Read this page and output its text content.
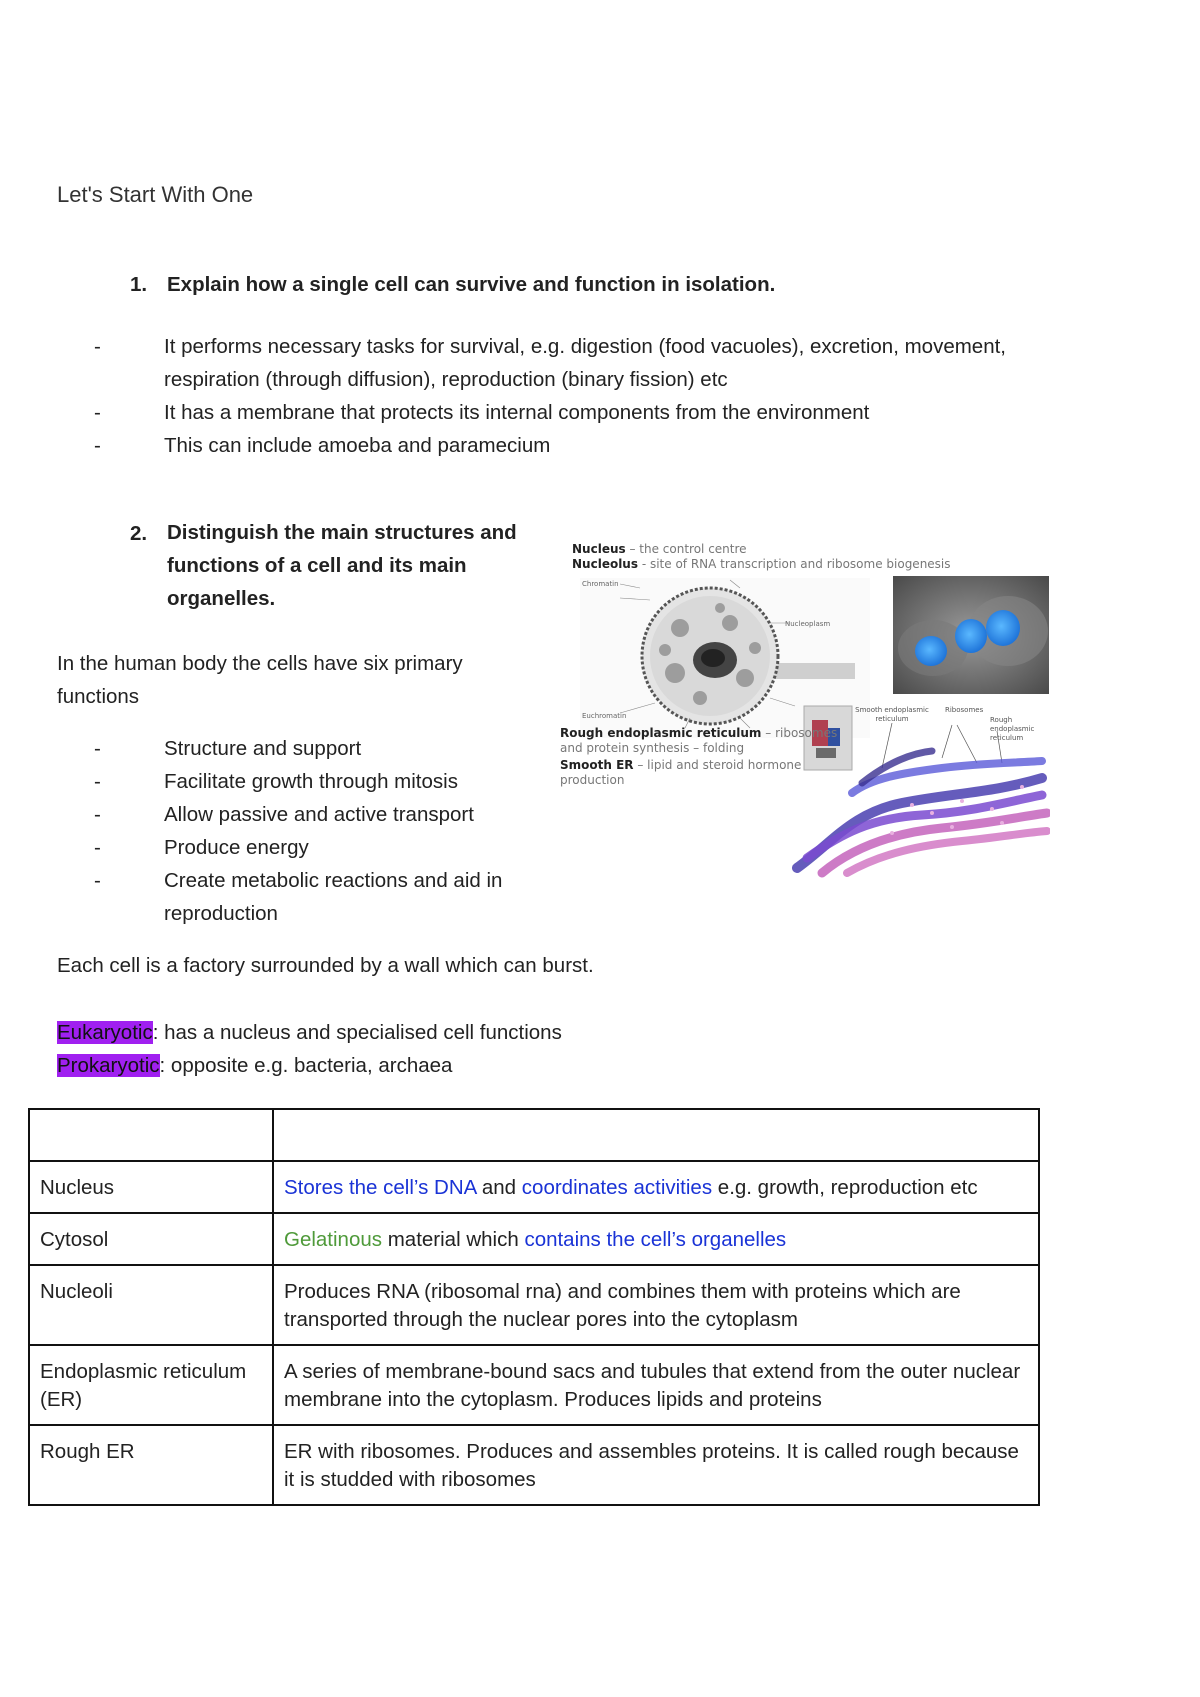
Let's Start With One
1. Explain how a single cell can survive and function in isolation.
-	It performs necessary tasks for survival, e.g. digestion (food vacuoles), excretion, movement, respiration (through diffusion), reproduction (binary fission) etc
-	It has a membrane that protects its internal components from the environment
-	This can include amoeba and paramecium
2. Distinguish the main structures and functions of a cell and its main organelles.
In the human body the cells have six primary functions
-	Structure and support
-	Facilitate growth through mitosis
-	Allow passive and active transport
-	Produce energy
-	Create metabolic reactions and aid in reproduction
Nucleus – the control centre
Nucleolus - site of RNA transcription and ribosome biogenesis
Chromatin
Euchromatin
Nucleoplasm
Smooth endoplasmic reticulum
Ribosomes
Rough endoplasmic reticulum
Rough endoplasmic reticulum – ribosomes
and protein synthesis – folding
Smooth ER – lipid and steroid hormone
production
Each cell is a factory surrounded by a wall which can burst.
Eukaryotic: has a nucleus and specialised cell functions
Prokaryotic: opposite e.g. bacteria, archaea

Nucleus	Stores the cell’s DNA and coordinates activities e.g. growth, reproduction etc
Cytosol	Gelatinous material which contains the cell’s organelles
Nucleoli	Produces RNA (ribosomal rna) and combines them with proteins which are transported through the nuclear pores into the cytoplasm
Endoplasmic reticulum (ER)	A series of membrane-bound sacs and tubules that extend from the outer nuclear membrane into the cytoplasm. Produces lipids and proteins
Rough ER	ER with ribosomes. Produces and assembles proteins. It is called rough because it is studded with ribosomes
